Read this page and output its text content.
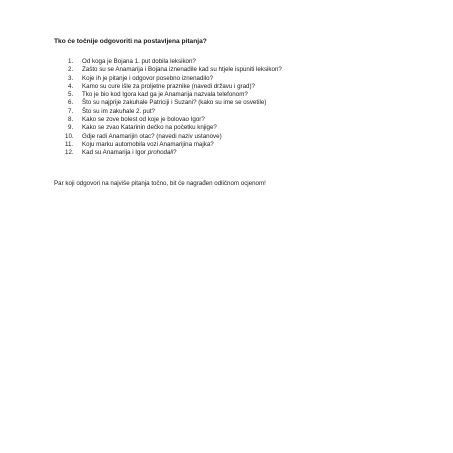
Tko će točnije odgovoriti na postavljena pitanja?
1.	Od koga je Bojana 1. put dobila leksikon?
2.	Zašto su se Anamarija i Bojana iznenadile kad su htjele ispuniti leksikon?
3.	Koje ih je pitanje i odgovor posebno iznenadilo?
4.	Kamo su cure išle za proljetne praznike (navedi državu i grad)?
5.	Tko je bio kod Igora kad ga je Anamarija nazvala telefonom?
6.	Što su najprije zakuhale Patriciji i Suzani? (kako su ime se osvetile)
7.	Što su im zakuhale 2. put?
8.	Kako se zove bolest od koje je bolovao Igor?
9.	Kako se zvao Katarinin dečko na početku knjige?
10.	Gdje radi Anamarijin otac? (navedi naziv ustanove)
11.	Koju marku automobila vozi Anamarijina majka?
12.	Kad su Anamarija i Igor prohodali?
Par koji odgovori na najviše pitanja točno, bit će nagrađen odličnom ocjenom!
